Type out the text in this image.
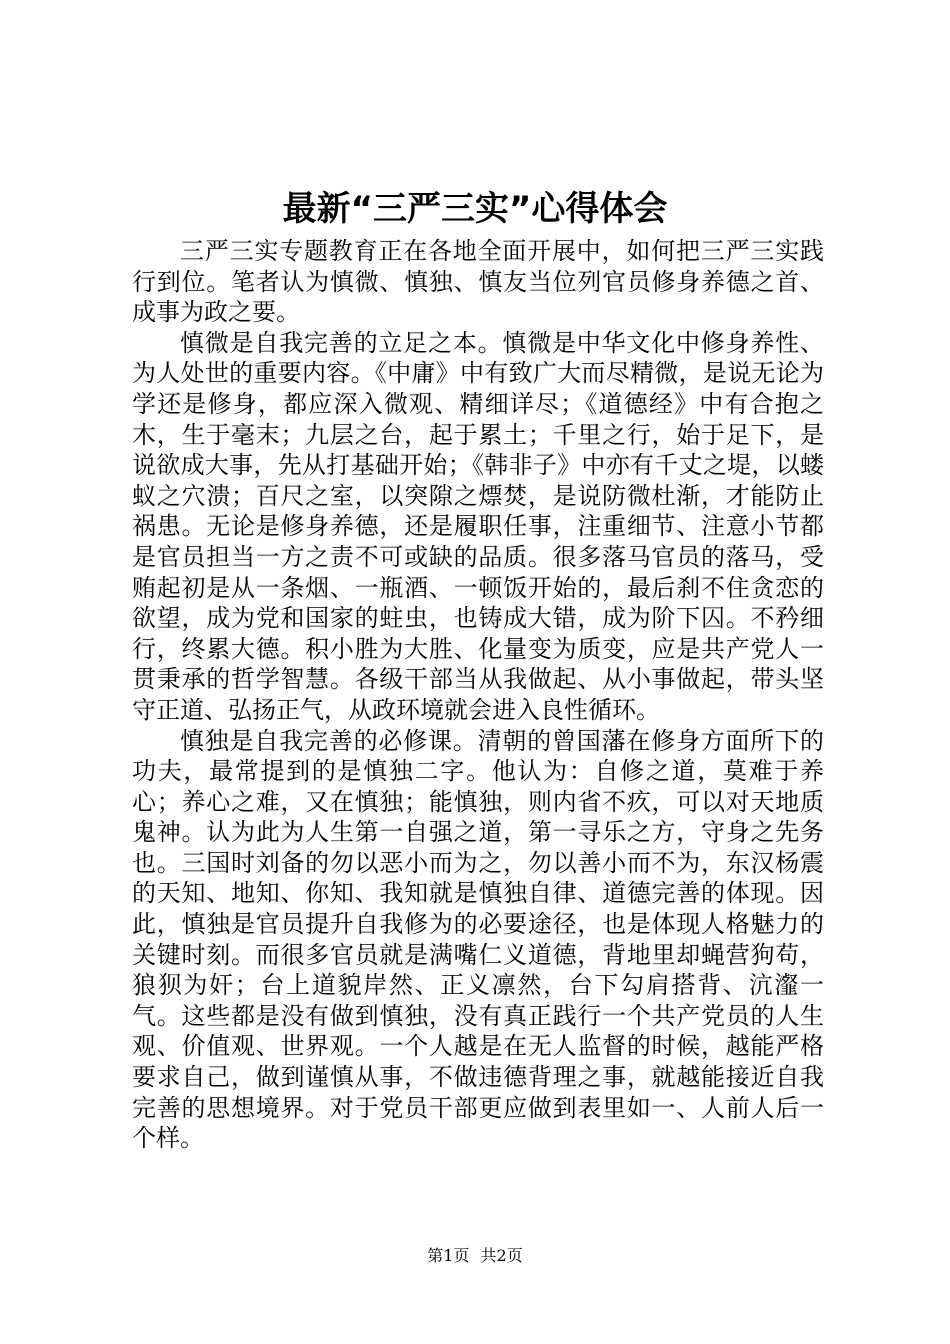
最新“三严三实”心得体会

三严三实专题教育正在各地全面开展中，如何把三严三实践行到位。笔者认为慎微、慎独、慎友当位列官员修身养德之首、成事为政之要。

慎微是自我完善的立足之本。慎微是中华文化中修身养性、为人处世的重要内容。《中庸》中有致广大而尽精微，是说无论为学还是修身，都应深入微观、精细详尽；《道德经》中有合抱之木，生于毫末；九层之台，起于累土；千里之行，始于足下，是说欲成大事，先从打基础开始；《韩非子》中亦有千丈之堤，以蝼蚁之穴溃；百尺之室，以突隙之熛焚，是说防微杜渐，才能防止祸患。无论是修身养德，还是履职任事，注重细节、注意小节都是官员担当一方之责不可或缺的品质。很多落马官员的落马，受贿起初是从一条烟、一瓶酒、一顿饭开始的，最后刹不住贪恋的欲望，成为党和国家的蛀虫，也铸成大错，成为阶下囚。不矜细行，终累大德。积小胜为大胜、化量变为质变，应是共产党人一贯秉承的哲学智慧。各级干部当从我做起、从小事做起，带头坚守正道、弘扬正气，从政环境就会进入良性循环。

慎独是自我完善的必修课。清朝的曾国藩在修身方面所下的功夫，最常提到的是慎独二字。他认为：自修之道，莫难于养心；养心之难，又在慎独；能慎独，则内省不疚，可以对天地质鬼神。认为此为人生第一自强之道，第一寻乐之方，守身之先务也。三国时刘备的勿以恶小而为之，勿以善小而不为，东汉杨震的天知、地知、你知、我知就是慎独自律、道德完善的体现。因此，慎独是官员提升自我修为的必要途径，也是体现人格魅力的关键时刻。而很多官员就是满嘴仁义道德，背地里却蝇营狗苟，狼狈为奸；台上道貌岸然、正义凛然，台下勾肩搭背、沆瀣一气。这些都是没有做到慎独，没有真正践行一个共产党员的人生观、价值观、世界观。一个人越是在无人监督的时候，越能严格要求自己，做到谨慎从事，不做违德背理之事，就越能接近自我完善的思想境界。对于党员干部更应做到表里如一、人前人后一个样。

第1页 共2页
